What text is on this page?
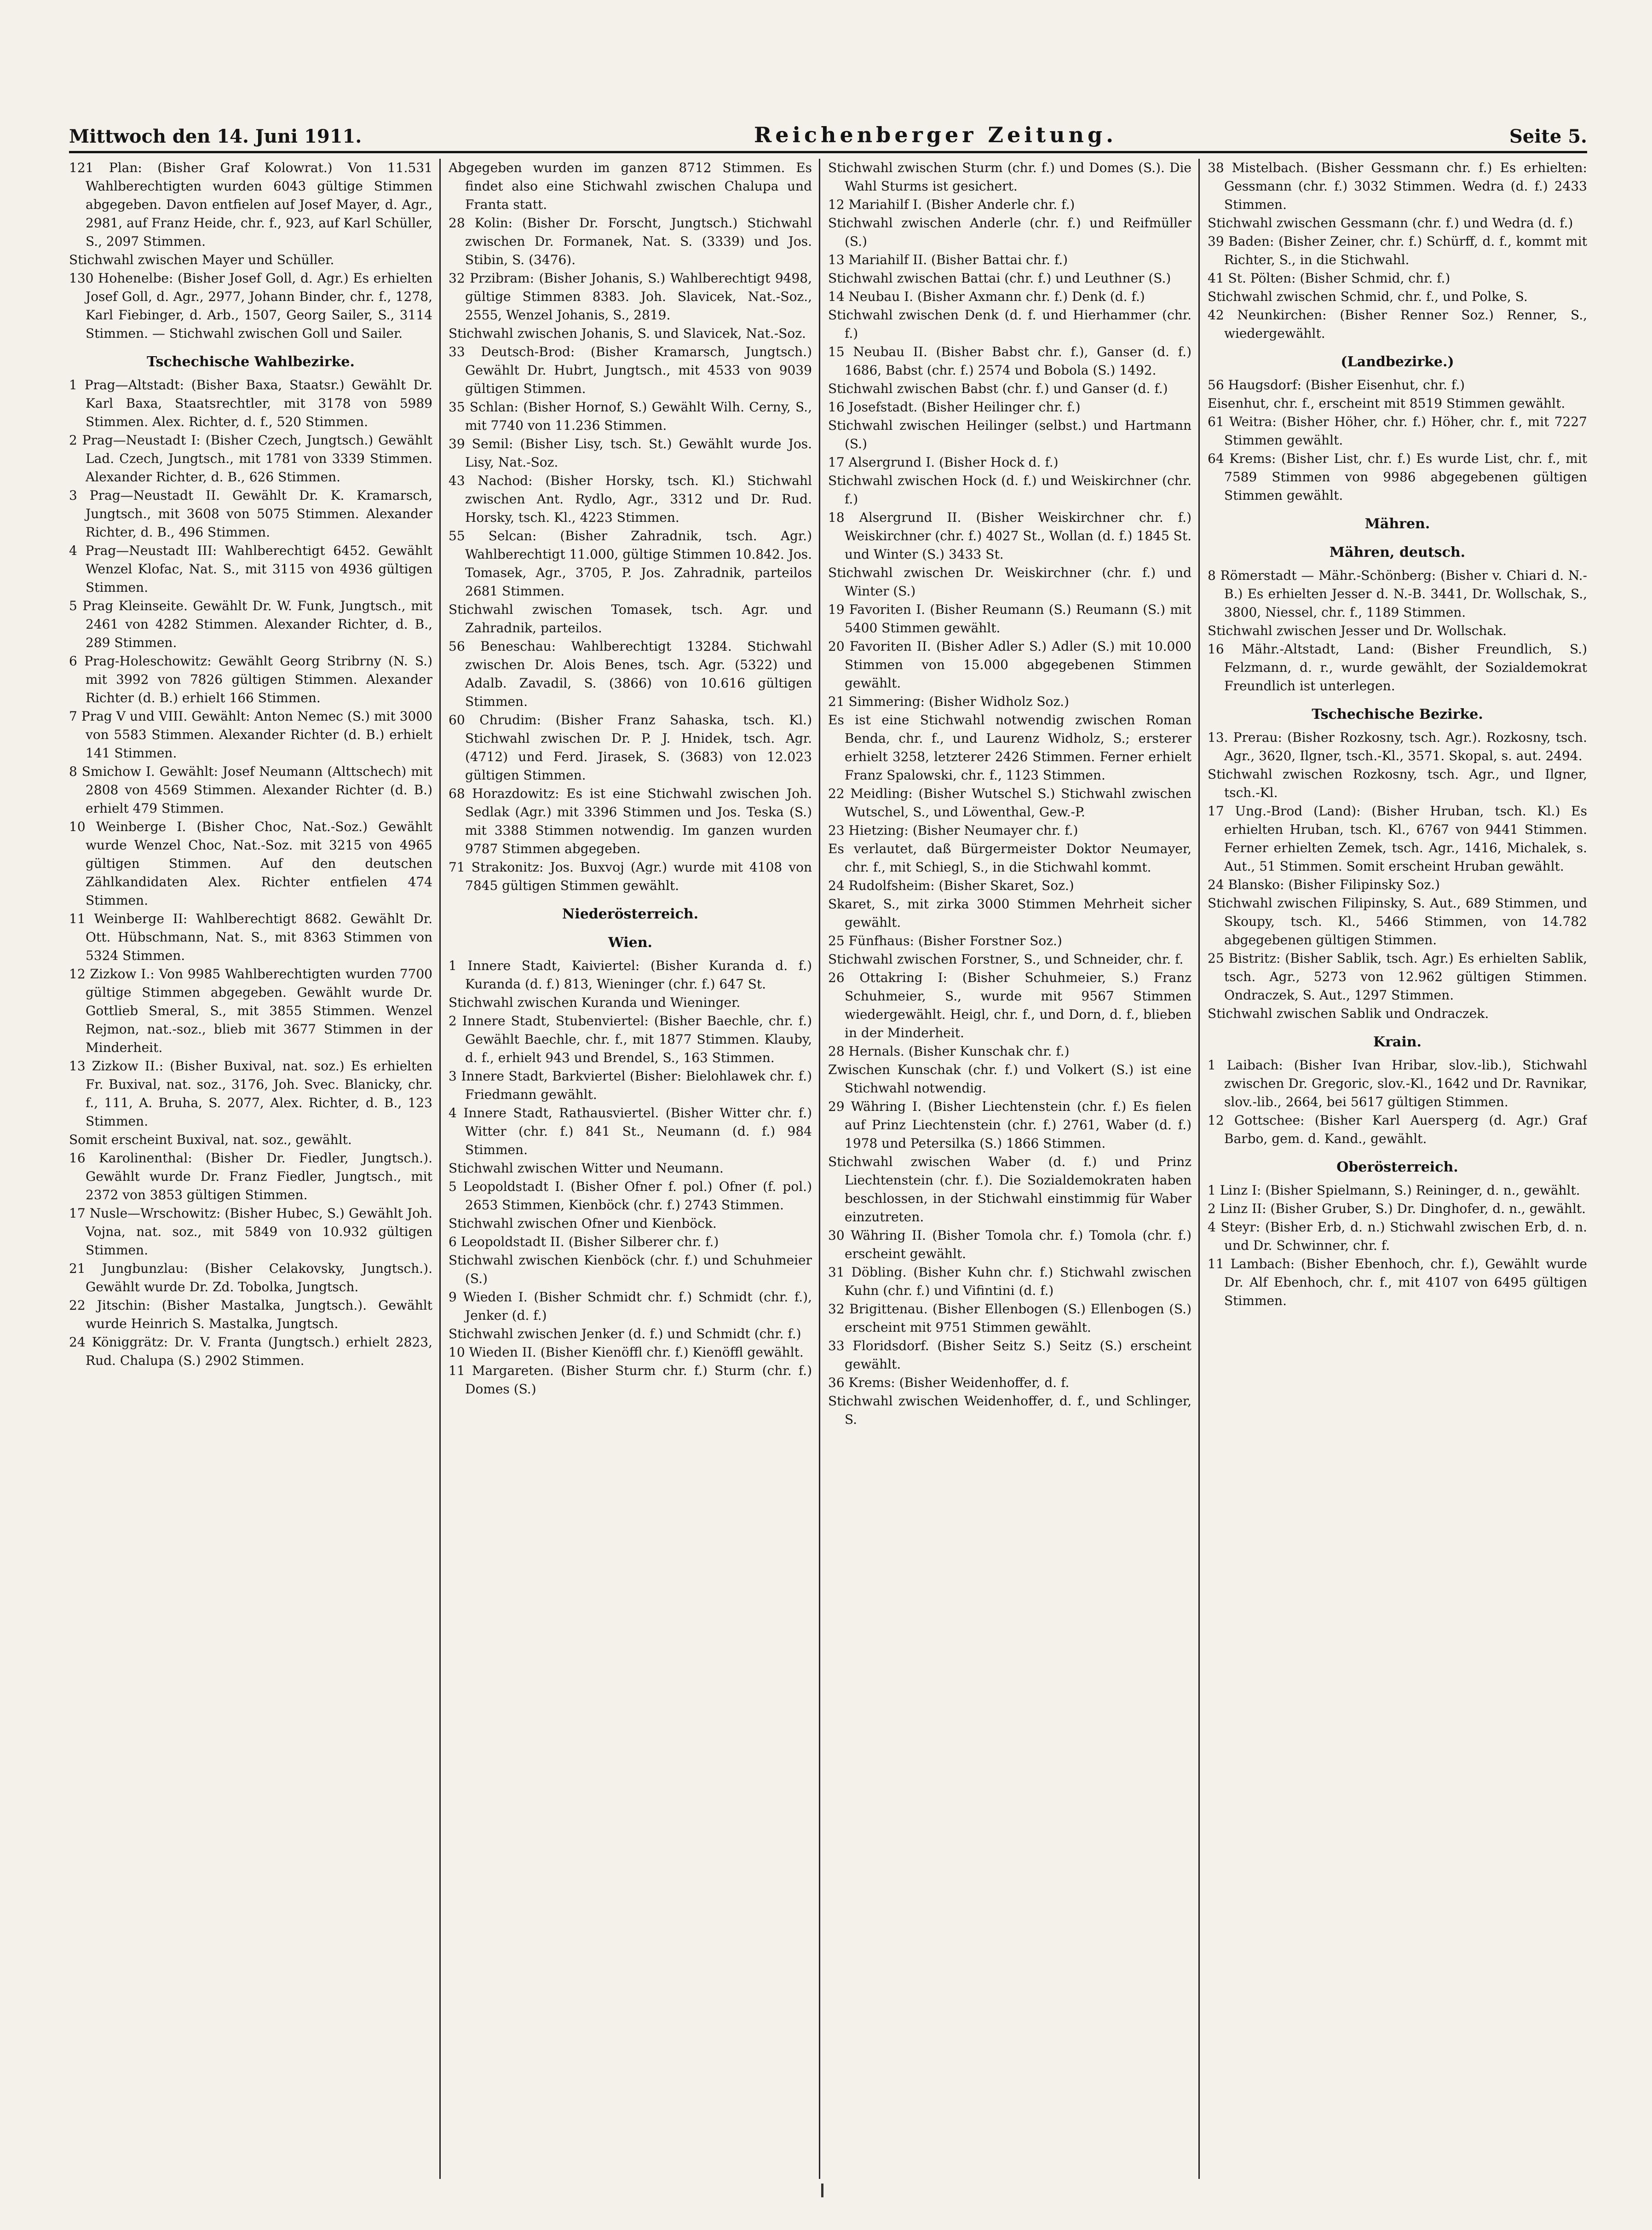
Mittwoch den 14. Juni 1911.	Reichenberger Zeitung.	Seite 5.

121 Plan: (Bisher Graf Kolowrat.) Von 11.531 Wahlberechtigten wurden 6043 gültige Stimmen abgegeben. Davon entfielen auf Josef Mayer, d. Agr., 2981, auf Franz Heide, chr. f., 923, auf Karl Schüller, S., 2097 Stimmen.

Stichwahl zwischen Mayer und Schüller.

130 Hohenelbe: (Bisher Josef Goll, d. Agr.) Es erhielten Josef Goll, d. Agr., 2977, Johann Binder, chr. f., 1278, Karl Fiebinger, d. Arb., 1507, Georg Sailer, S., 3114 Stimmen. — Stichwahl zwischen Goll und Sailer.

Tschechische Wahlbezirke.

1 Prag—Altstadt: (Bisher Baxa, Staatsr.) Gewählt Dr. Karl Baxa, Staatsrechtler, mit 3178 von 5989 Stimmen. Alex. Richter, d. f., 520 Stimmen.

2 Prag—Neustadt I: (Bisher Czech, Jungtsch.) Gewählt Lad. Czech, Jungtsch., mit 1781 von 3339 Stimmen. Alexander Richter, d. B., 626 Stimmen.

3 Prag—Neustadt II. Gewählt Dr. K. Kramarsch, Jungtsch., mit 3608 von 5075 Stimmen. Alexander Richter, d. B., 496 Stimmen.

4 Prag—Neustadt III: Wahlberechtigt 6452. Gewählt Wenzel Klofac, Nat. S., mit 3115 von 4936 gültigen Stimmen.

5 Prag Kleinseite. Gewählt Dr. W. Funk, Jungtsch., mit 2461 von 4282 Stimmen. Alexander Richter, d. B., 289 Stimmen.

6 Prag-Holeschowitz: Gewählt Georg Stribrny (N. S.) mit 3992 von 7826 gültigen Stimmen. Alexander Richter (d. B.) erhielt 166 Stimmen.

7 Prag V und VIII. Gewählt: Anton Nemec (S.) mit 3000 von 5583 Stimmen. Alexander Richter (d. B.) erhielt 141 Stimmen.

8 Smichow I. Gewählt: Josef Neumann (Alttschech) mit 2808 von 4569 Stimmen. Alexander Richter (d. B.) erhielt 479 Stimmen.

10 Weinberge I. (Bisher Choc, Nat.-Soz.) Gewählt wurde Wenzel Choc, Nat.-Soz. mit 3215 von 4965 gültigen Stimmen. Auf den deutschen Zählkandidaten Alex. Richter entfielen 474 Stimmen.

11 Weinberge II: Wahlberechtigt 8682. Gewählt Dr. Ott. Hübschmann, Nat. S., mit 8363 Stimmen von 5324 Stimmen.

12 Zizkow I.: Von 9985 Wahlberechtigten wurden 7700 gültige Stimmen abgegeben. Gewählt wurde Dr. Gottlieb Smeral, S., mit 3855 Stimmen. Wenzel Rejmon, nat.-soz., blieb mit 3677 Stimmen in der Minderheit.

13 Zizkow II.: (Bisher Buxival, nat. soz.) Es erhielten Fr. Buxival, nat. soz., 3176, Joh. Svec. Blanicky, chr. f., 111, A. Bruha, S. 2077, Alex. Richter, d. B., 123 Stimmen.

Somit erscheint Buxival, nat. soz., gewählt.

16 Karolinenthal: (Bisher Dr. Fiedler, Jungtsch.). Gewählt wurde Dr. Franz Fiedler, Jungtsch., mit 2372 von 3853 gültigen Stimmen.

17 Nusle—Wrschowitz: (Bisher Hubec, S.) Gewählt Joh. Vojna, nat. soz., mit 5849 von 10.932 gültigen Stimmen.

21 Jungbunzlau: (Bisher Celakovsky, Jungtsch.). Gewählt wurde Dr. Zd. Tobolka, Jungtsch.

22 Jitschin: (Bisher Mastalka, Jungtsch.). Gewählt wurde Heinrich S. Mastalka, Jungtsch.

24 Königgrätz: Dr. V. Franta (Jungtsch.) erhielt 2823, Rud. Chalupa (S.) 2902 Stimmen.

Abgegeben wurden im ganzen 8712 Stimmen. Es findet also eine Stichwahl zwischen Chalupa und Franta statt.

28 Kolin: (Bisher Dr. Forscht, Jungtsch.) Stichwahl zwischen Dr. Formanek, Nat. S. (3339) und Jos. Stibin, S. (3476).

32 Przibram: (Bisher Johanis, S.) Wahlberechtigt 9498, gültige Stimmen 8383. Joh. Slavicek, Nat.-Soz., 2555, Wenzel Johanis, S., 2819.

Stichwahl zwischen Johanis, S. und Slavicek, Nat.-Soz.

33 Deutsch-Brod: (Bisher Kramarsch, Jungtsch.) Gewählt Dr. Hubrt, Jungtsch., mit 4533 von 9039 gültigen Stimmen.

35 Schlan: (Bisher Hornof, S.) Gewählt Wilh. Cerny, S., mit 7740 von 11.236 Stimmen.

39 Semil: (Bisher Lisy, tsch. St.) Gewählt wurde Jos. Lisy, Nat.-Soz.

43 Nachod: (Bisher Horsky, tsch. Kl.) Stichwahl zwischen Ant. Rydlo, Agr., 3312 und Dr. Rud. Horsky, tsch. Kl., 4223 Stimmen.

55 Selcan: (Bisher Zahradnik, tsch. Agr.) Wahlberechtigt 11.000, gültige Stimmen 10.842. Jos. Tomasek, Agr., 3705, P. Jos. Zahradnik, parteilos 2681 Stimmen.

Stichwahl zwischen Tomasek, tsch. Agr. und Zahradnik, parteilos.

56 Beneschau: Wahlberechtigt 13284. Stichwahl zwischen Dr. Alois Benes, tsch. Agr. (5322) und Adalb. Zavadil, S. (3866) von 10.616 gültigen Stimmen.

60 Chrudim: (Bisher Franz Sahaska, tsch. Kl.) Stichwahl zwischen Dr. P. J. Hnidek, tsch. Agr. (4712) und Ferd. Jirasek, S. (3683) von 12.023 gültigen Stimmen.

68 Horazdowitz: Es ist eine Stichwahl zwischen Joh. Sedlak (Agr.) mit 3396 Stimmen und Jos. Teska (S.) mit 3388 Stimmen notwendig. Im ganzen wurden 9787 Stimmen abgegeben.

71 Strakonitz: Jos. Buxvoj (Agr.) wurde mit 4108 von 7845 gültigen Stimmen gewählt.

Niederösterreich.
Wien.

1 Innere Stadt, Kaiviertel: (Bisher Kuranda d. f.) Kuranda (d. f.) 813, Wieninger (chr. f.) 647 St.

Stichwahl zwischen Kuranda und Wieninger.

2 Innere Stadt, Stubenviertel: (Bisher Baechle, chr. f.) Gewählt Baechle, chr. f., mit 1877 Stimmen. Klauby, d. f., erhielt 943 und Brendel, S., 163 Stimmen.

3 Innere Stadt, Barkviertel (Bisher: Bielohlawek chr. f.) Friedmann gewählt.

4 Innere Stadt, Rathausviertel. (Bisher Witter chr. f.) Witter (chr. f.) 841 St., Neumann (d. f.) 984 Stimmen.

Stichwahl zwischen Witter und Neumann.

5 Leopoldstadt I. (Bisher Ofner f. pol.) Ofner (f. pol.) 2653 Stimmen, Kienböck (chr. f.) 2743 Stimmen.

Stichwahl zwischen Ofner und Kienböck.

6 Leopoldstadt II. (Bisher Silberer chr. f.)

Stichwahl zwischen Kienböck (chr. f.) und Schuhmeier (S.)

9 Wieden I. (Bisher Schmidt chr. f.) Schmidt (chr. f.), Jenker (d. f.)

Stichwahl zwischen Jenker (d. f.) und Schmidt (chr. f.)

10 Wieden II. (Bisher Kienöffl chr. f.) Kienöffl gewählt.

11 Margareten. (Bisher Sturm chr. f.) Sturm (chr. f.) Domes (S.)

Stichwahl zwischen Sturm (chr. f.) und Domes (S.). Die Wahl Sturms ist gesichert.

12 Mariahilf I. (Bisher Anderle chr. f.)

Stichwahl zwischen Anderle (chr. f.) und Reifmüller (S.)

13 Mariahilf II. (Bisher Battai chr. f.)

Stichwahl zwischen Battai (chr. f.) und Leuthner (S.)

14 Neubau I. (Bisher Axmann chr. f.) Denk (d. f.)

Stichwahl zwischen Denk (d. f. und Hierhammer (chr. f.)

15 Neubau II. (Bisher Babst chr. f.), Ganser (d. f.) 1686, Babst (chr. f.) 2574 und Bobola (S.) 1492.

Stichwahl zwischen Babst (chr. f.) und Ganser (d. f.)

16 Josefstadt. (Bisher Heilinger chr. f.)

Stichwahl zwischen Heilinger (selbst.) und Hartmann (S.)

17 Alsergrund I. (Bisher Hock d. f.)

Stichwahl zwischen Hock (d. f.) und Weiskirchner (chr. f.)

18 Alsergrund II. (Bisher Weiskirchner chr. f.) Weiskirchner (chr. f.) 4027 St., Wollan (d. f.) 1845 St. und Winter (S.) 3433 St.

Stichwahl zwischen Dr. Weiskirchner (chr. f.) und Winter (S.)

19 Favoriten I. (Bisher Reumann (S.) Reumann (S.) mit 5400 Stimmen gewählt.

20 Favoriten II. (Bisher Adler S.) Adler (S.) mit 10.000 Stimmen von 15.000 abgegebenen Stimmen gewählt.

21 Simmering: (Bisher Widholz Soz.)

Es ist eine Stichwahl notwendig zwischen Roman Benda, chr. f., und Laurenz Widholz, S.; ersterer erhielt 3258, letzterer 2426 Stimmen. Ferner erhielt Franz Spalowski, chr. f., 1123 Stimmen.

22 Meidling: (Bisher Wutschel S.) Stichwahl zwischen Wutschel, S., und Löwenthal, Gew.-P.

23 Hietzing: (Bisher Neumayer chr. f.)

Es verlautet, daß Bürgermeister Doktor Neumayer, chr. f., mit Schiegl, S., in die Stichwahl kommt.

24 Rudolfsheim: (Bisher Skaret, Soz.)

Skaret, S., mit zirka 3000 Stimmen Mehrheit sicher gewählt.

25 Fünfhaus: (Bisher Forstner Soz.)

Stichwahl zwischen Forstner, S., und Schneider, chr. f.

26 Ottakring I: (Bisher Schuhmeier, S.) Franz Schuhmeier, S., wurde mit 9567 Stimmen wiedergewählt. Heigl, chr. f., und Dorn, d. f., blieben in der Minderheit.

28 Hernals. (Bisher Kunschak chr. f.)

Zwischen Kunschak (chr. f.) und Volkert (S.) ist eine Stichwahl notwendig.

29 Währing I. (Bisher Liechtenstein (chr. f.) Es fielen auf Prinz Liechtenstein (chr. f.) 2761, Waber (d. f.) 1978 und Petersilka (S.) 1866 Stimmen.

Stichwahl zwischen Waber (d. f.) und Prinz Liechtenstein (chr. f.). Die Sozialdemokraten haben beschlossen, in der Stichwahl einstimmig für Waber einzutreten.

30 Währing II. (Bisher Tomola chr. f.) Tomola (chr. f.) erscheint gewählt.

31 Döbling. (Bisher Kuhn chr. f.) Stichwahl zwischen Kuhn (chr. f.) und Vifintini (d. f.)

32 Brigittenau. (Bisher Ellenbogen (S.) Ellenbogen (S.) erscheint mit 9751 Stimmen gewählt.

33 Floridsdorf. (Bisher Seitz S.) Seitz (S.) erscheint gewählt.

36 Krems: (Bisher Weidenhoffer, d. f.

Stichwahl zwischen Weidenhoffer, d. f., und Schlinger, S.

38 Mistelbach. (Bisher Gessmann chr. f.) Es erhielten: Gessmann (chr. f.) 3032 Stimmen. Wedra (d. f.) 2433 Stimmen.

Stichwahl zwischen Gessmann (chr. f.) und Wedra (d. f.)

39 Baden: (Bisher Zeiner, chr. f.) Schürff, d. f., kommt mit Richter, S., in die Stichwahl.

41 St. Pölten: (Bisher Schmid, chr. f.)

Stichwahl zwischen Schmid, chr. f., und Polke, S.

42 Neunkirchen: (Bisher Renner Soz.) Renner, S., wiedergewählt.

(Landbezirke.)

56 Haugsdorf: (Bisher Eisenhut, chr. f.)

Eisenhut, chr. f., erscheint mit 8519 Stimmen gewählt.

61 Weitra: (Bisher Höher, chr. f.) Höher, chr. f., mit 7227 Stimmen gewählt.

64 Krems: (Bisher List, chr. f.) Es wurde List, chr. f., mit 7589 Stimmen von 9986 abgegebenen gültigen Stimmen gewählt.

Mähren.
Mähren, deutsch.

8 Römerstadt — Mähr.-Schönberg: (Bisher v. Chiari d. N.-B.) Es erhielten Jesser d. N.-B. 3441, Dr. Wollschak, S., 3800, Niessel, chr. f., 1189 Stimmen.

Stichwahl zwischen Jesser und Dr. Wollschak.

16 Mähr.-Altstadt, Land: (Bisher Freundlich, S.) Felzmann, d. r., wurde gewählt, der Sozialdemokrat Freundlich ist unterlegen.

Tschechische Bezirke.

13. Prerau: (Bisher Rozkosny, tsch. Agr.). Rozkosny, tsch. Agr., 3620, Ilgner, tsch.-Kl., 3571. Skopal, s. aut. 2494.

Stichwahl zwischen Rozkosny, tsch. Agr., und Ilgner, tsch.-Kl.

17 Ung.-Brod (Land): (Bisher Hruban, tsch. Kl.) Es erhielten Hruban, tsch. Kl., 6767 von 9441 Stimmen. Ferner erhielten Zemek, tsch. Agr., 1416, Michalek, s. Aut., 51 Stimmen. Somit erscheint Hruban gewählt.

24 Blansko: (Bisher Filipinsky Soz.)

Stichwahl zwischen Filipinsky, S. Aut., 689 Stimmen, und Skoupy, tsch. Kl., 5466 Stimmen, von 14.782 abgegebenen gültigen Stimmen.

25 Bistritz: (Bisher Sablik, tsch. Agr.) Es erhielten Sablik, tsch. Agr., 5273 von 12.962 gültigen Stimmen. Ondraczek, S. Aut., 1297 Stimmen.

Stichwahl zwischen Sablik und Ondraczek.

Krain.

1 Laibach: (Bisher Ivan Hribar, slov.-lib.), Stichwahl zwischen Dr. Gregoric, slov.-Kl., 1642 und Dr. Ravnikar, slov.-lib., 2664, bei 5617 gültigen Stimmen.

12 Gottschee: (Bisher Karl Auersperg (d. Agr.) Graf Barbo, gem. d. Kand., gewählt.

Oberösterreich.

1 Linz I: (Bisher Spielmann, S.) Reininger, d. n., gewählt.

2 Linz II: (Bisher Gruber, S.) Dr. Dinghofer, d. n., gewählt.

4 Steyr: (Bisher Erb, d. n.) Stichwahl zwischen Erb, d. n. und Dr. Schwinner, chr. f.

11 Lambach: (Bisher Ebenhoch, chr. f.), Gewählt wurde Dr. Alf Ebenhoch, chr. f., mit 4107 von 6495 gültigen Stimmen.
